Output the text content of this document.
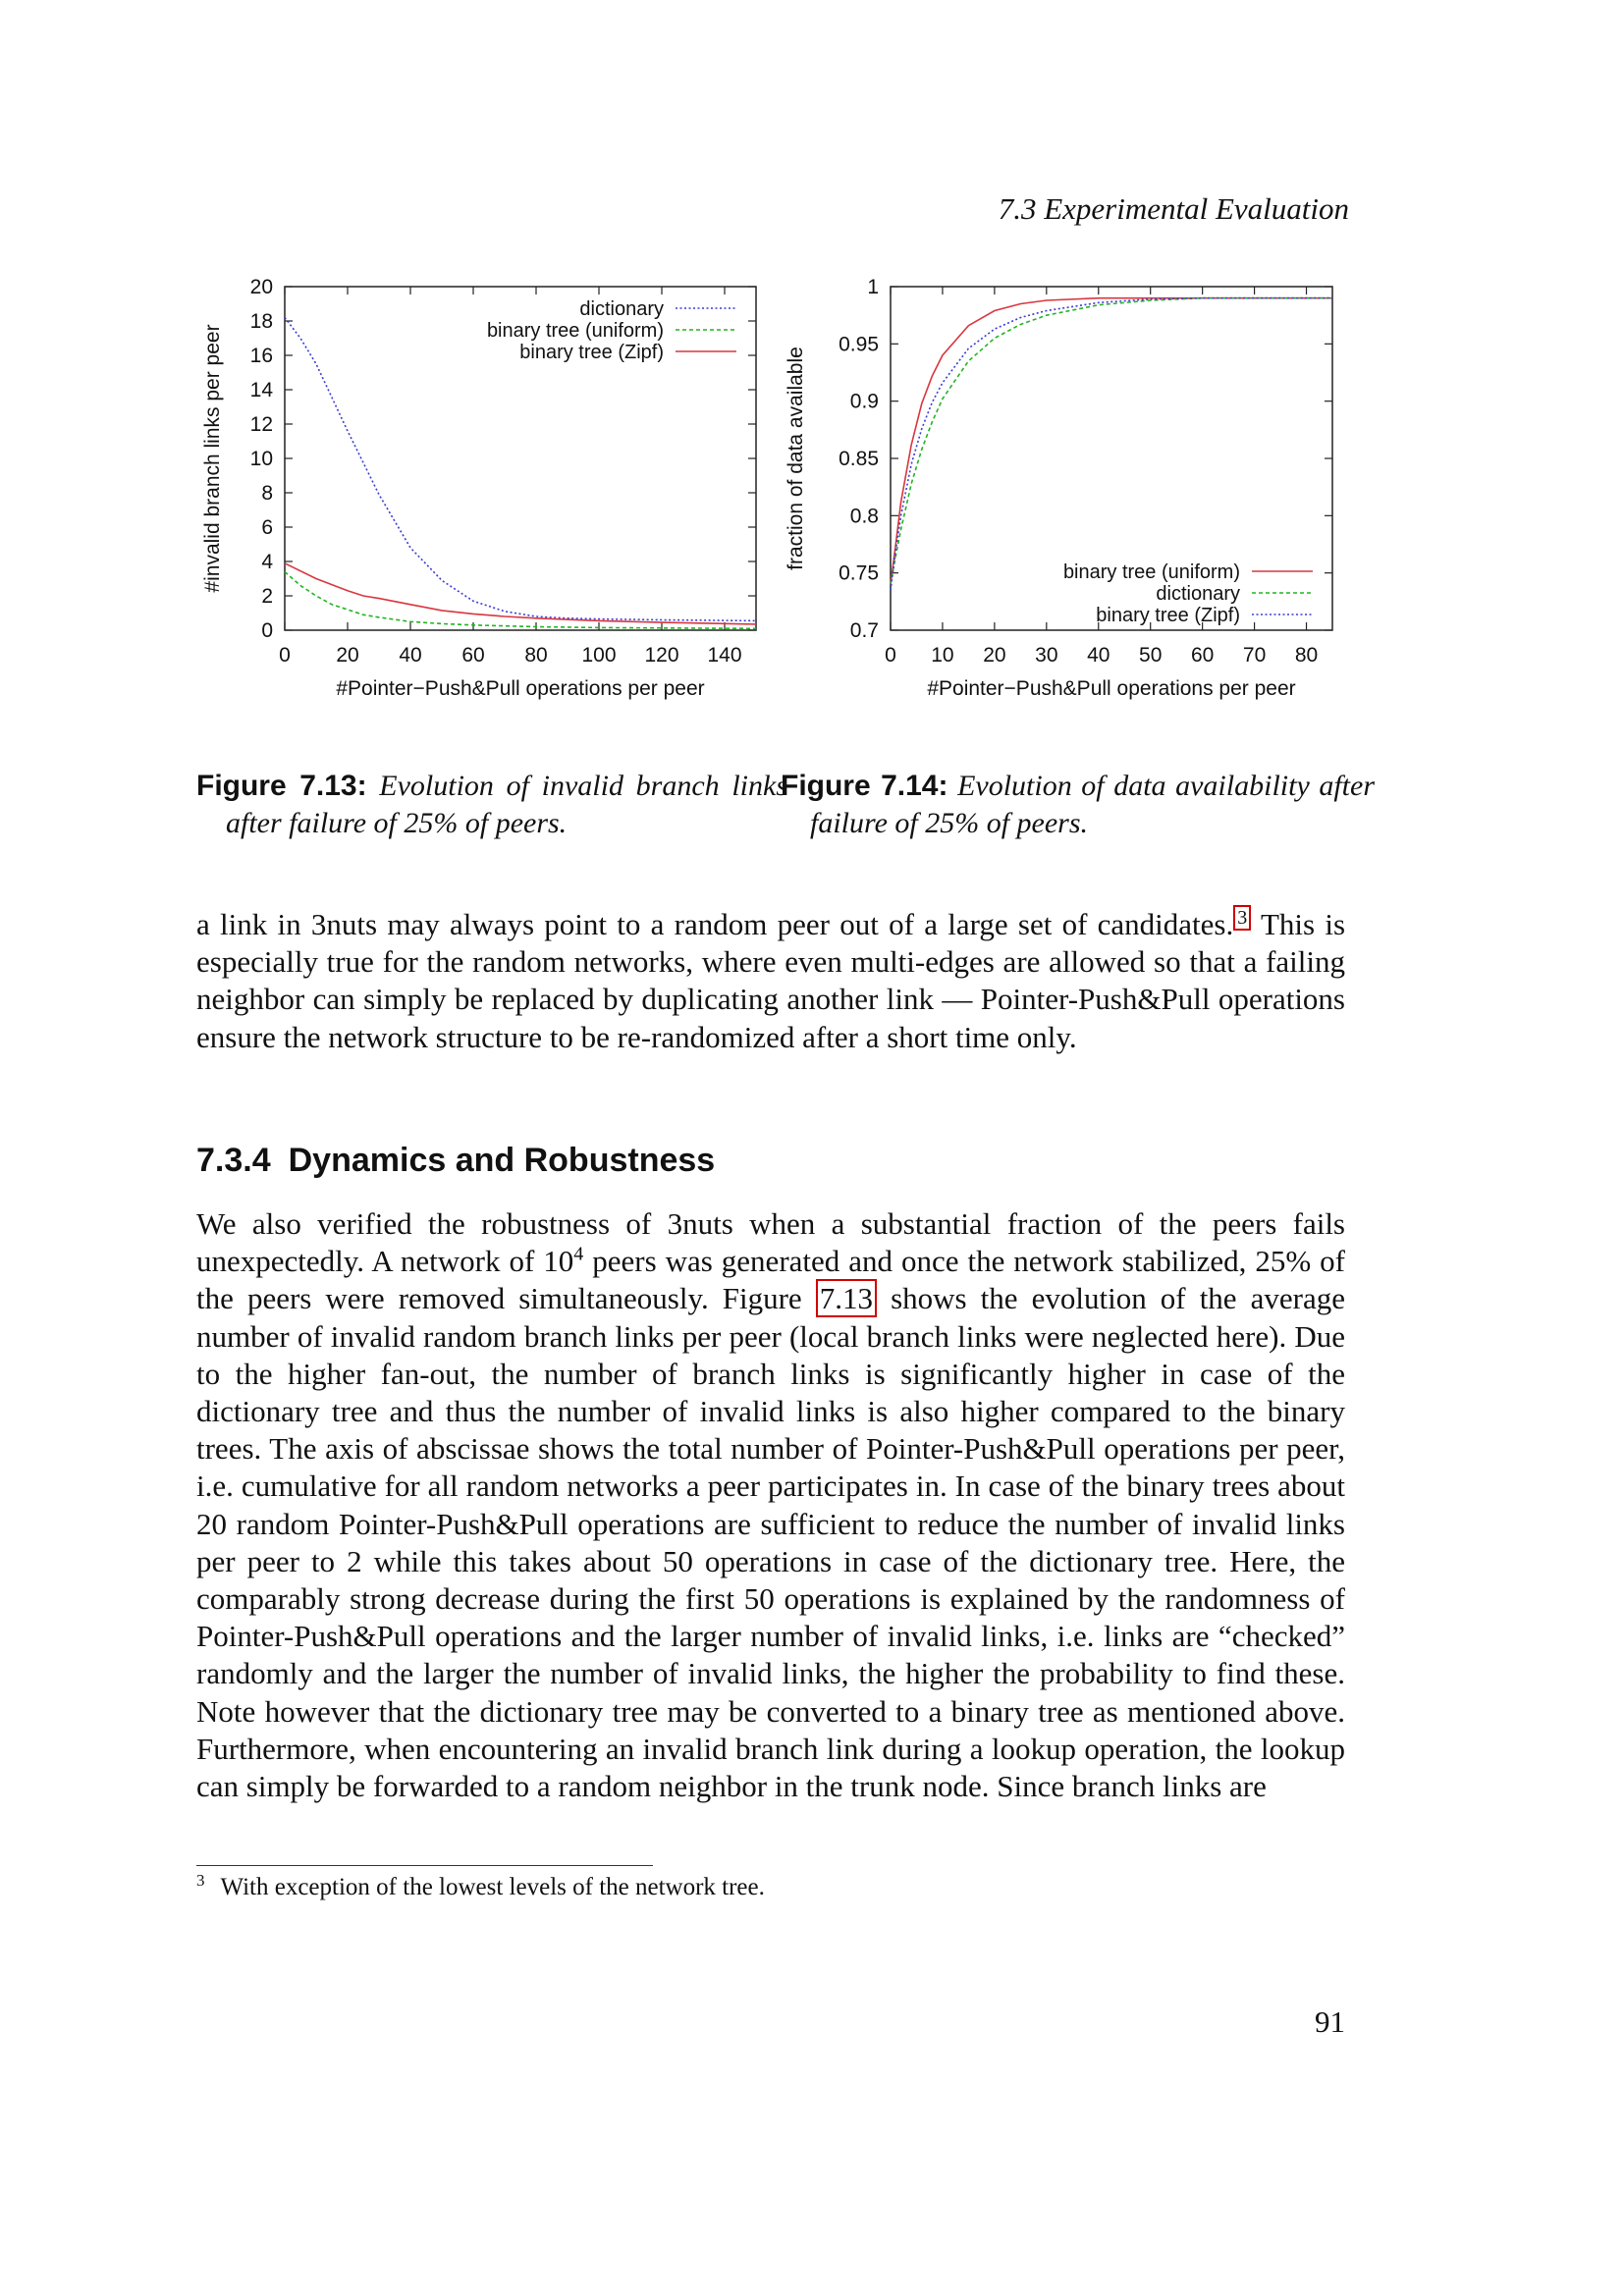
7.3 Experimental Evaluation
0 20 40 60 80 100 120 140
0
2
4
6
8
10
12
14
16
18
20
#Pointer−Push&Pull operations per peer
#invalid branch links per peer
dictionary
binary tree (uniform)
binary tree (Zipf)
0 10 20 30 40 50 60 70 80
0.7
0.75
0.8
0.85
0.9
0.95
1
#Pointer−Push&Pull operations per peer
fraction of data available
binary tree (uniform)
dictionary
binary tree (Zipf)
Figure 7.13: Evolution of invalid branch links after failure of 25% of peers.
Figure 7.14: Evolution of data availability after failure of 25% of peers.

a link in 3nuts may always point to a random peer out of a large set of candidates. $^3$ This is especially true for the random networks, where even multi-edges are allowed so that a failing neighbor can simply be replaced by duplicating another link — Pointer-Push&Pull operations ensure the network structure to be re-randomized after a short time only.

7.3.4 Dynamics and Robustness

We also verified the robustness of 3nuts when a substantial fraction of the peers fails unexpectedly. A network of $10^4$ peers was generated and once the network stabilized, 25% of the peers were removed simultaneously. Figure 7.13 shows the evolution of the average number of invalid random branch links per peer (local branch links were neglected here). Due to the higher fan-out, the number of branch links is significantly higher in case of the dictionary tree and thus the number of invalid links is also higher compared to the binary trees. The axis of abscissae shows the total number of Pointer-Push&Pull operations per peer, i.e. cumulative for all random networks a peer participates in. In case of the binary trees about 20 random Pointer-Push&Pull operations are sufficient to reduce the number of invalid links per peer to 2 while this takes about 50 operations in case of the dictionary tree. Here, the comparably strong decrease during the first 50 operations is explained by the randomness of Pointer-Push&Pull operations and the larger number of invalid links, i.e. links are “checked” randomly and the larger the number of invalid links, the higher the probability to find these. Note however that the dictionary tree may be converted to a binary tree as mentioned above. Furthermore, when encountering an invalid branch link during a lookup operation, the lookup can simply be forwarded to a random neighbor in the trunk node. Since branch links are

$^3$ With exception of the lowest levels of the network tree.
91
